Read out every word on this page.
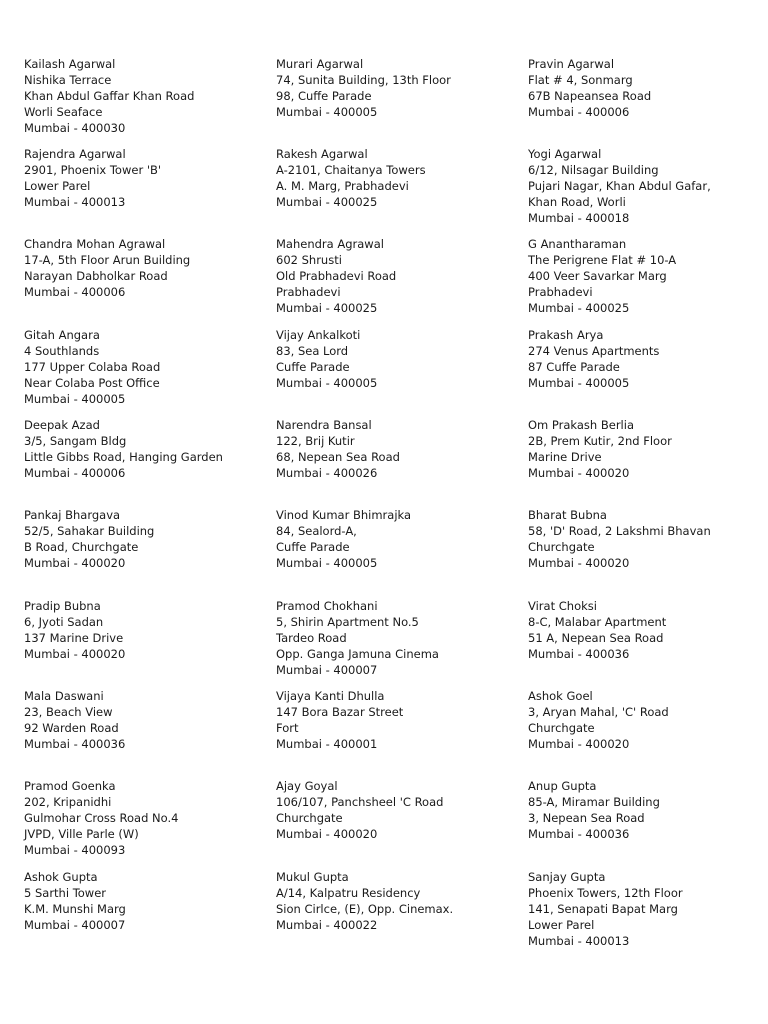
Kailash Agarwal
Nishika Terrace
Khan Abdul Gaffar Khan Road
Worli Seaface
Mumbai - 400030
Murari Agarwal
74, Sunita Building, 13th Floor
98, Cuffe Parade
Mumbai - 400005
Pravin Agarwal
Flat # 4, Sonmarg
67B Napeansea Road
Mumbai - 400006
Rajendra Agarwal
2901, Phoenix Tower 'B'
Lower Parel
Mumbai - 400013
Rakesh Agarwal
A-2101, Chaitanya Towers
A. M. Marg, Prabhadevi
Mumbai - 400025
Yogi Agarwal
6/12, Nilsagar Building
Pujari Nagar, Khan Abdul Gafar,
Khan Road, Worli
Mumbai - 400018
Chandra Mohan Agrawal
17-A, 5th Floor Arun Building
Narayan Dabholkar Road
Mumbai - 400006
Mahendra Agrawal
602 Shrusti
Old Prabhadevi Road
Prabhadevi
Mumbai - 400025
G Anantharaman
The Perigrene Flat # 10-A
400 Veer Savarkar Marg
Prabhadevi
Mumbai - 400025
Gitah Angara
4 Southlands
177 Upper Colaba Road
Near Colaba Post Office
Mumbai - 400005
Vijay Ankalkoti
83, Sea Lord
Cuffe Parade
Mumbai - 400005
Prakash Arya
274 Venus Apartments
87 Cuffe Parade
Mumbai - 400005
Deepak Azad
3/5, Sangam Bldg
Little Gibbs Road, Hanging Garden
Mumbai - 400006
Narendra Bansal
122, Brij Kutir
68, Nepean Sea Road
Mumbai - 400026
Om Prakash Berlia
2B, Prem Kutir, 2nd Floor
Marine Drive
Mumbai - 400020
Pankaj Bhargava
52/5, Sahakar Building
B Road, Churchgate
Mumbai - 400020
Vinod Kumar Bhimrajka
84, Sealord-A,
Cuffe Parade
Mumbai - 400005
Bharat Bubna
58, 'D' Road, 2 Lakshmi Bhavan
Churchgate
Mumbai - 400020
Pradip Bubna
6, Jyoti Sadan
137 Marine Drive
Mumbai - 400020
Pramod Chokhani
5, Shirin Apartment No.5
Tardeo Road
Opp. Ganga Jamuna Cinema
Mumbai - 400007
Virat Choksi
8-C, Malabar Apartment
51 A, Nepean Sea Road
Mumbai - 400036
Mala Daswani
23, Beach View
92 Warden Road
Mumbai - 400036
Vijaya Kanti Dhulla
147 Bora Bazar Street
Fort
Mumbai - 400001
Ashok Goel
3, Aryan Mahal, 'C' Road
Churchgate
Mumbai - 400020
Pramod Goenka
202, Kripanidhi
Gulmohar Cross Road No.4
JVPD, Ville Parle (W)
Mumbai - 400093
Ajay Goyal
106/107, Panchsheel 'C Road
Churchgate
Mumbai - 400020
Anup Gupta
85-A, Miramar Building
3, Nepean Sea Road
Mumbai - 400036
Ashok Gupta
5 Sarthi Tower
K.M. Munshi Marg
Mumbai - 400007
Mukul Gupta
A/14, Kalpatru Residency
Sion Cirlce, (E), Opp. Cinemax.
Mumbai - 400022
Sanjay Gupta
Phoenix Towers, 12th Floor
141, Senapati Bapat Marg
Lower Parel
Mumbai - 400013
